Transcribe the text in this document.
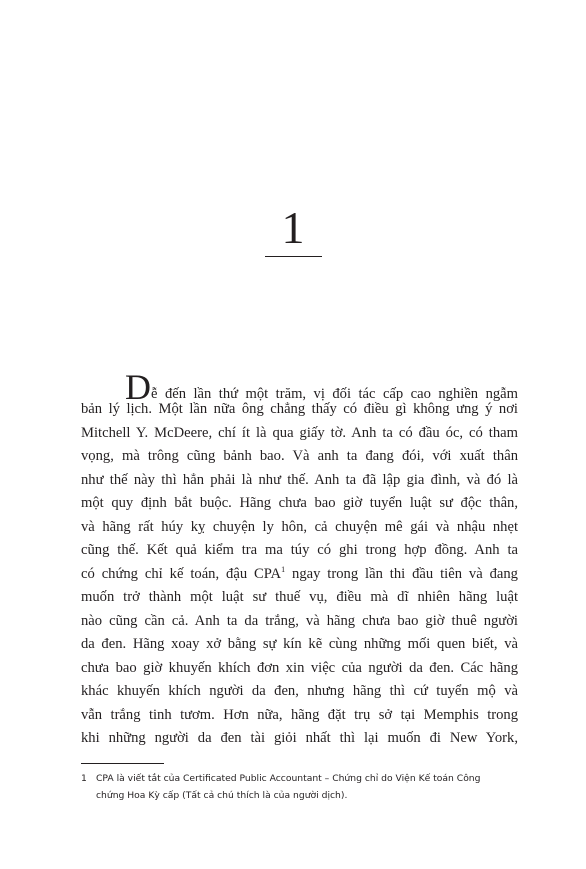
1
Dễ đến lần thứ một trăm, vị đối tác cấp cao nghiền ngẫm
bản lý lịch. Một lần nữa ông chẳng thấy có điều gì không ưng ý nơi
Mitchell Y. McDeere, chí ít là qua giấy tờ. Anh ta có đầu óc, có tham
vọng, mà trông cũng bảnh bao. Và anh ta đang đói, với xuất thân
như thế này thì hẳn phải là như thế. Anh ta đã lập gia đình, và đó là
một quy định bắt buộc. Hãng chưa bao giờ tuyển luật sư độc thân,
và hãng rất húy kỵ chuyện ly hôn, cả chuyện mê gái và nhậu nhẹt
cũng thế. Kết quả kiểm tra ma túy có ghi trong hợp đồng. Anh ta
có chứng chỉ kế toán, đậu CPA$^1$ ngay trong lần thi đầu tiên và đang
muốn trở thành một luật sư thuế vụ, điều mà dĩ nhiên hãng luật
nào cũng cần cả. Anh ta da trắng, và hãng chưa bao giờ thuê người
da đen. Hãng xoay xở bằng sự kín kẽ cùng những mối quen biết, và
chưa bao giờ khuyến khích đơn xin việc của người da đen. Các hãng
khác khuyến khích người da đen, nhưng hãng thì cứ tuyển mộ và
vẫn trắng tinh tươm. Hơn nữa, hãng đặt trụ sở tại Memphis trong
khi những người da đen tài giỏi nhất thì lại muốn đi New York,
1 CPA là viết tắt của Certificated Public Accountant – Chứng chỉ do Viện Kế toán Công
chứng Hoa Kỳ cấp (Tất cả chú thích là của người dịch).
